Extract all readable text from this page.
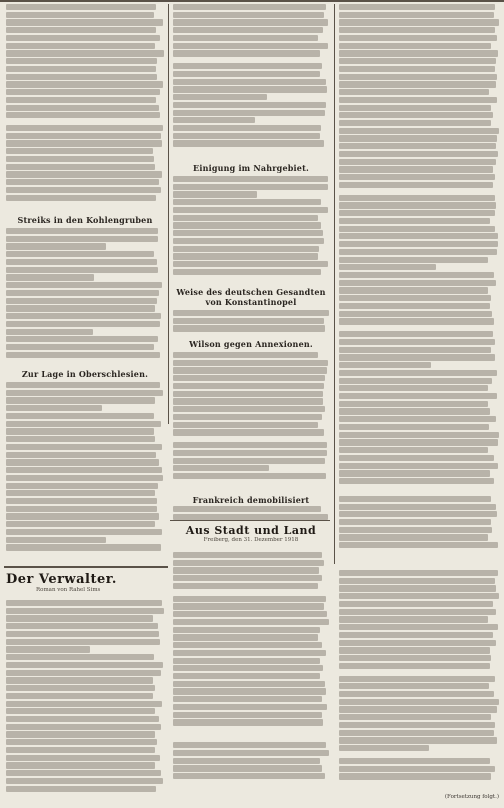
Streiks in den Kohlengruben
Zur Lage in Oberschlesien.
Einigung im Nahrgebiet.
Weise des deutschen Gesandten von Konstantinopel
Wilson gegen Annexionen.
Frankreich demobilisiert
Aus Stadt und Land
Freiberg, den 31. Dezember 1918
Der Verwalter.
Roman von Rahel Sims
(Fortsetzung folgt.)
